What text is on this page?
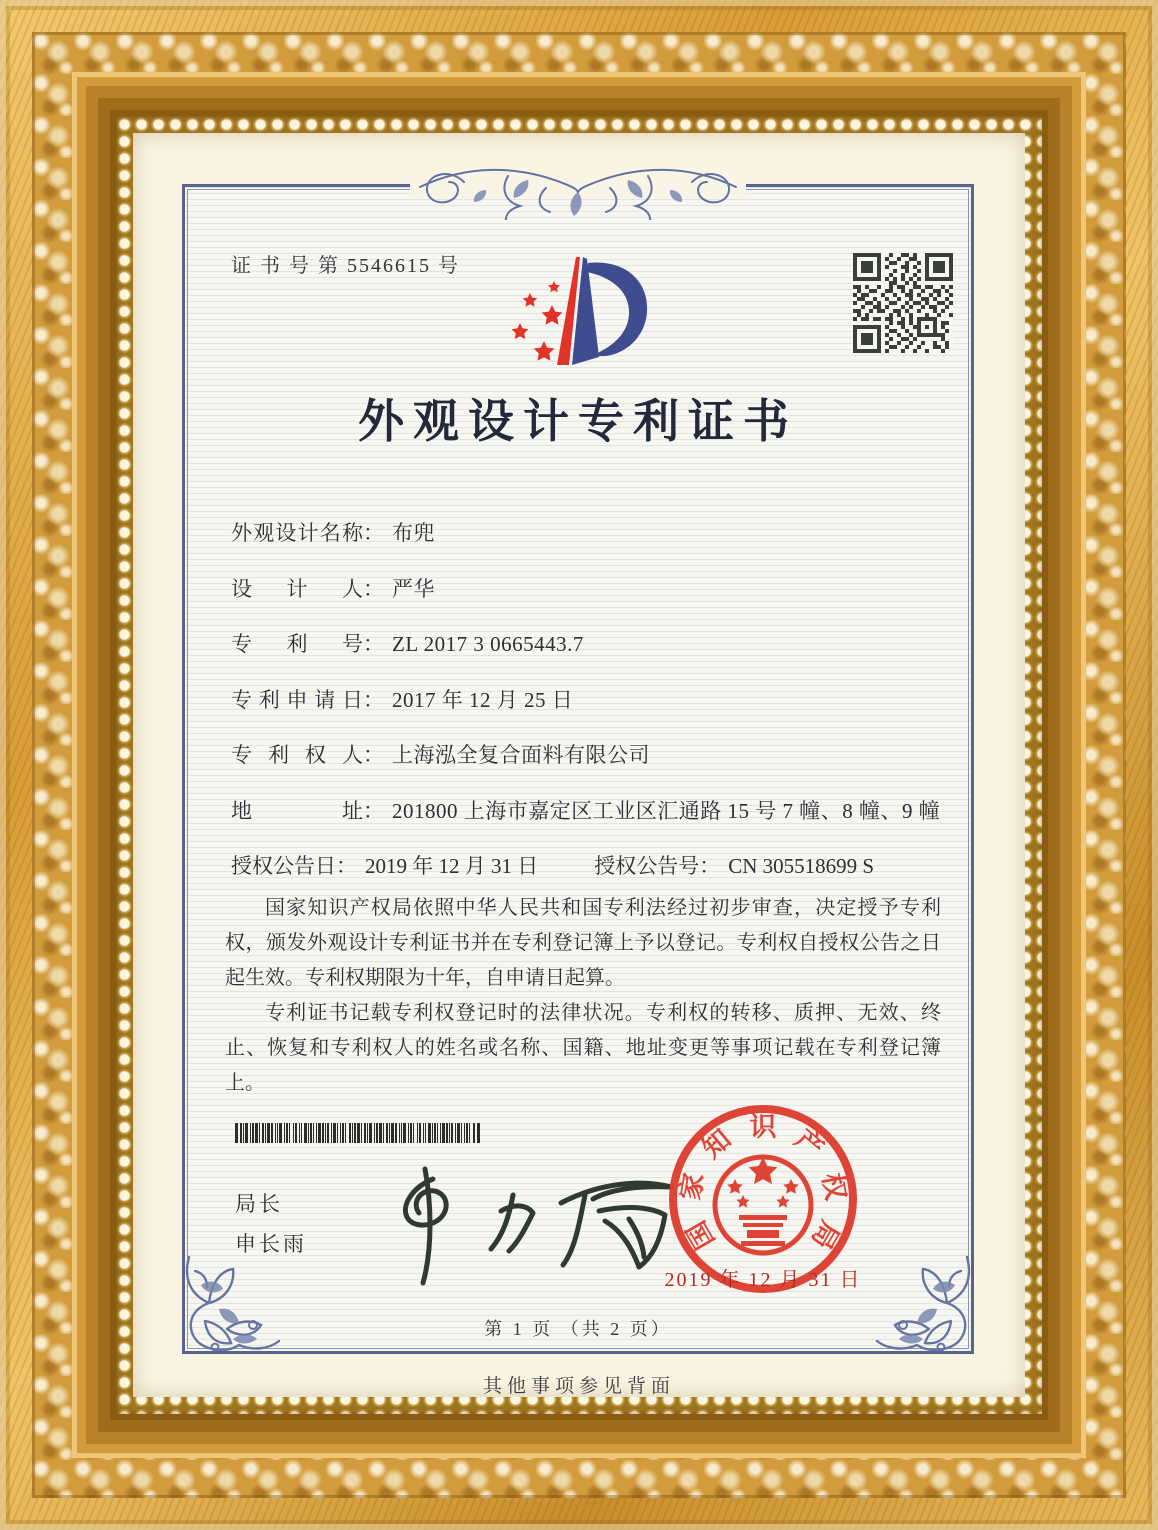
证 书 号 第 5546615 号
外观设计专利证书
外观设计名称： 布兜
设计人： 严华
专利号： ZL 2017 3 0665443.7
专利申请日： 2017 年 12 月 25 日
专利权人： 上海泓全复合面料有限公司
地址： 201800 上海市嘉定区工业区汇通路 15 号 7 幢、8 幢、9 幢
授权公告日： 2019 年 12 月 31 日	授权公告号： CN 305518699 S

国家知识产权局依照中华人民共和国专利法经过初步审查，决定授予专利权，颁发外观设计专利证书并在专利登记簿上予以登记。专利权自授权公告之日起生效。专利权期限为十年，自申请日起算。

专利证书记载专利权登记时的法律状况。专利权的转移、质押、无效、终止、恢复和专利权人的姓名或名称、国籍、地址变更等事项记载在专利登记簿上。

局长
申长雨	国
家
知 识 产
权
局
2019 年 12 月 31 日
第 1 页 （共 2 页）
其他事项参见背面
